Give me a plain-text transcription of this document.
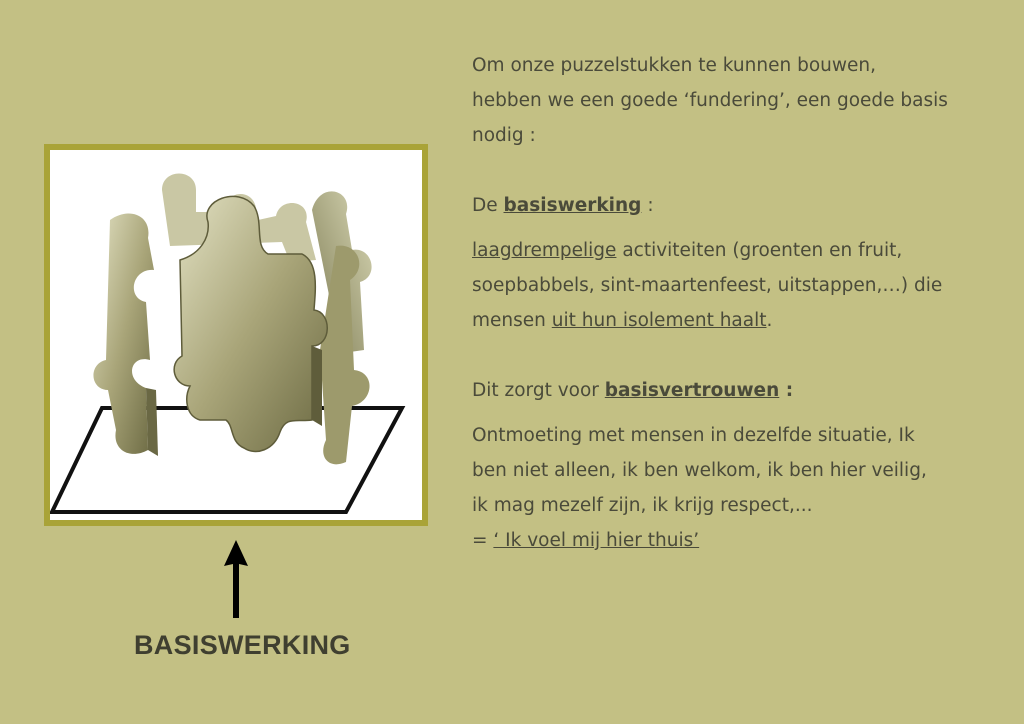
BASISWERKING

Om onze puzzelstukken te kunnen bouwen,

hebben we een goede ‘fundering’, een goede basis

nodig :

De basiswerking :

laagdrempelige activiteiten (groenten en fruit,

soepbabbels, sint-maartenfeest, uitstappen,…) die

mensen uit hun isolement haalt.

Dit zorgt voor basisvertrouwen :

Ontmoeting met mensen in dezelfde situatie, Ik

ben niet alleen, ik ben welkom, ik ben hier veilig,

ik mag mezelf zijn, ik krijg respect,...

= ‘ Ik voel mij hier thuis’
